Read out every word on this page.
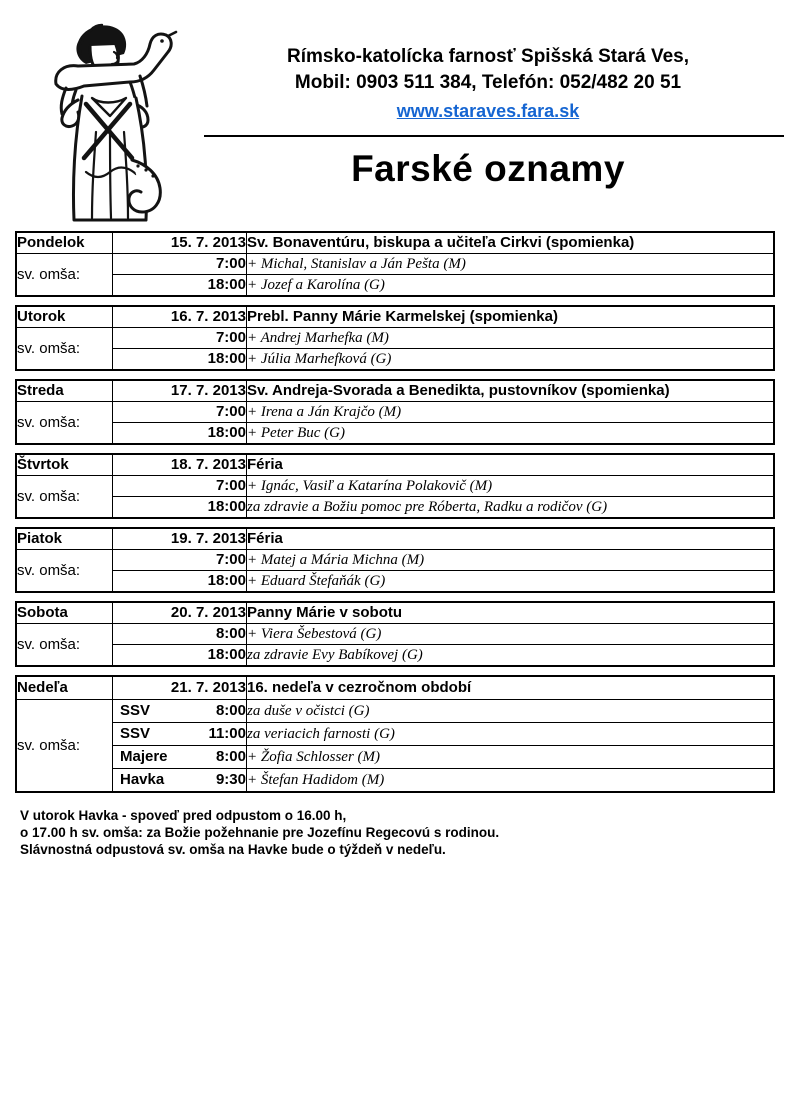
Rímsko-katolícka farnosť Spišská Stará Ves,
Mobil: 0903 511 384, Telefón: 052/482 20 51
www.staraves.fara.sk
Farské oznamy
Pondelok	15. 7. 2013	Sv. Bonaventúru, biskupa a učiteľa Cirkvi (spomienka)
sv. omša:	7:00	+ Michal, Stanislav a Ján Pešta (M)
	18:00	+ Jozef a Karolína (G)
Utorok	16. 7. 2013	Prebl. Panny Márie Karmelskej (spomienka)
sv. omša:	7:00	+ Andrej Marhefka (M)
	18:00	+ Júlia Marhefková (G)
Streda	17. 7. 2013	Sv. Andreja-Svorada a Benedikta, pustovníkov (spomienka)
sv. omša:	7:00	+ Irena a Ján Krajčo (M)
	18:00	+ Peter Buc (G)
Štvrtok	18. 7. 2013	Féria
sv. omša:	7:00	+ Ignác, Vasiľ a Katarína Polakovič (M)
	18:00	za zdravie a Božiu pomoc pre Róberta, Radku a rodičov (G)
Piatok	19. 7. 2013	Féria
sv. omša:	7:00	+ Matej a Mária Michna (M)
	18:00	+ Eduard Štefaňák (G)
Sobota	20. 7. 2013	Panny Márie v sobotu
sv. omša:	8:00	+ Viera Šebestová (G)
	18:00	za zdravie Evy Babíkovej (G)
Nedeľa	21. 7. 2013	16. nedeľa v cezročnom období
sv. omša:	SSV 8:00	za duše v očistci (G)

	SSV 11:00	za veriacich farnosti (G)

	Majere 8:00	+ Žofia Schlosser (M)

	Havka 9:30	+ Štefan Hadidom (M)
V utorok Havka - spoveď pred odpustom o 16.00 h,
o 17.00 h sv. omša: za Božie požehnanie pre Jozefínu Regecovú s rodinou.
Slávnostná odpustová sv. omša na Havke bude o týždeň v nedeľu.
